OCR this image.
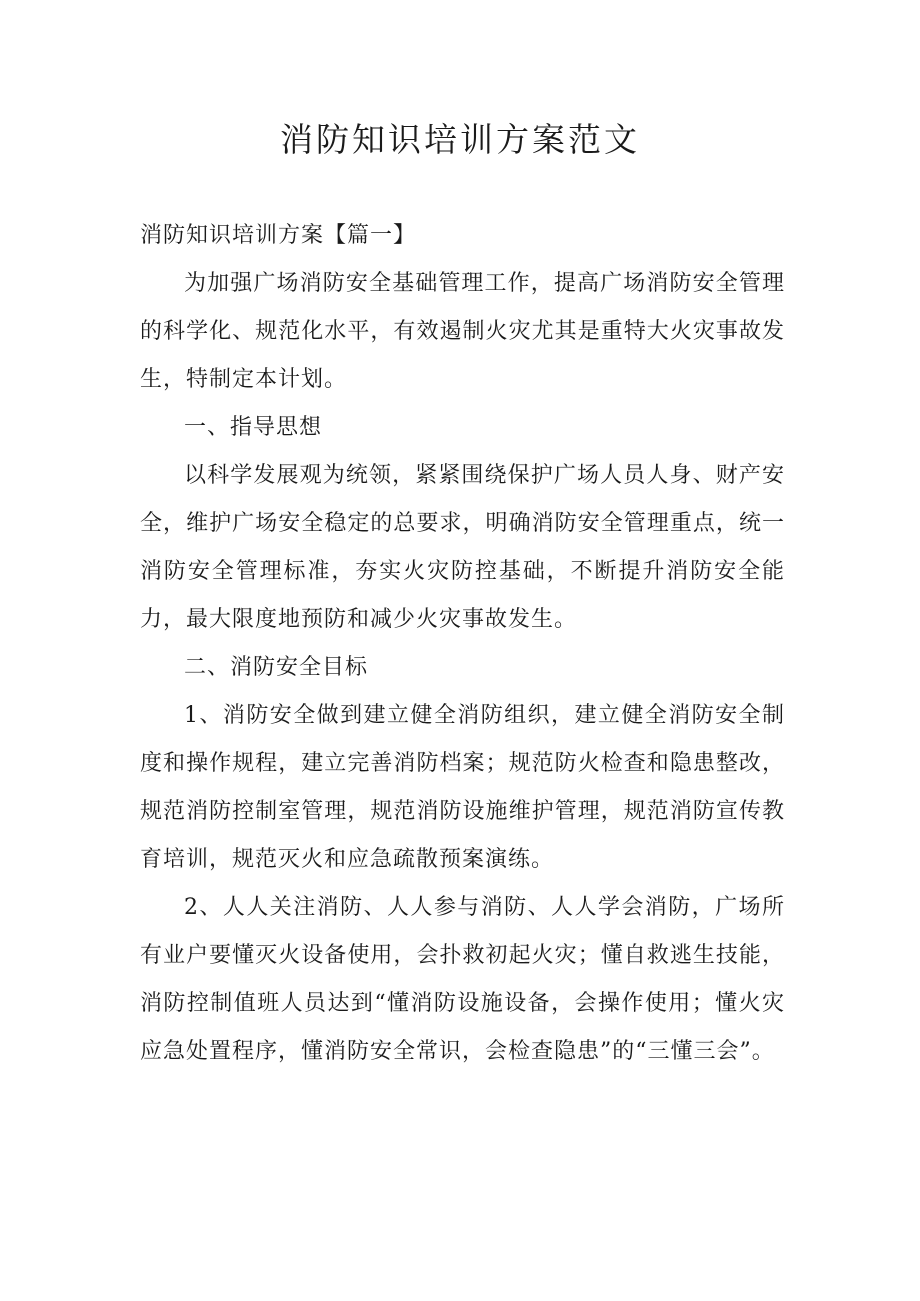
消防知识培训方案范文

消防知识培训方案【篇一】

为加强广场消防安全基础管理工作，提高广场消防安全管理的科学化、规范化水平，有效遏制火灾尤其是重特大火灾事故发生，特制定本计划。

一、指导思想

以科学发展观为统领，紧紧围绕保护广场人员人身、财产安全，维护广场安全稳定的总要求，明确消防安全管理重点，统一消防安全管理标准，夯实火灾防控基础，不断提升消防安全能力，最大限度地预防和减少火灾事故发生。

二、消防安全目标

1、消防安全做到建立健全消防组织，建立健全消防安全制度和操作规程，建立完善消防档案；规范防火检查和隐患整改，规范消防控制室管理，规范消防设施维护管理，规范消防宣传教育培训，规范灭火和应急疏散预案演练。

2、人人关注消防、人人参与消防、人人学会消防，广场所有业户要懂灭火设备使用，会扑救初起火灾；懂自救逃生技能，消防控制值班人员达到“懂消防设施设备，会操作使用；懂火灾应急处置程序，懂消防安全常识，会检查隐患”的“三懂三会”。
